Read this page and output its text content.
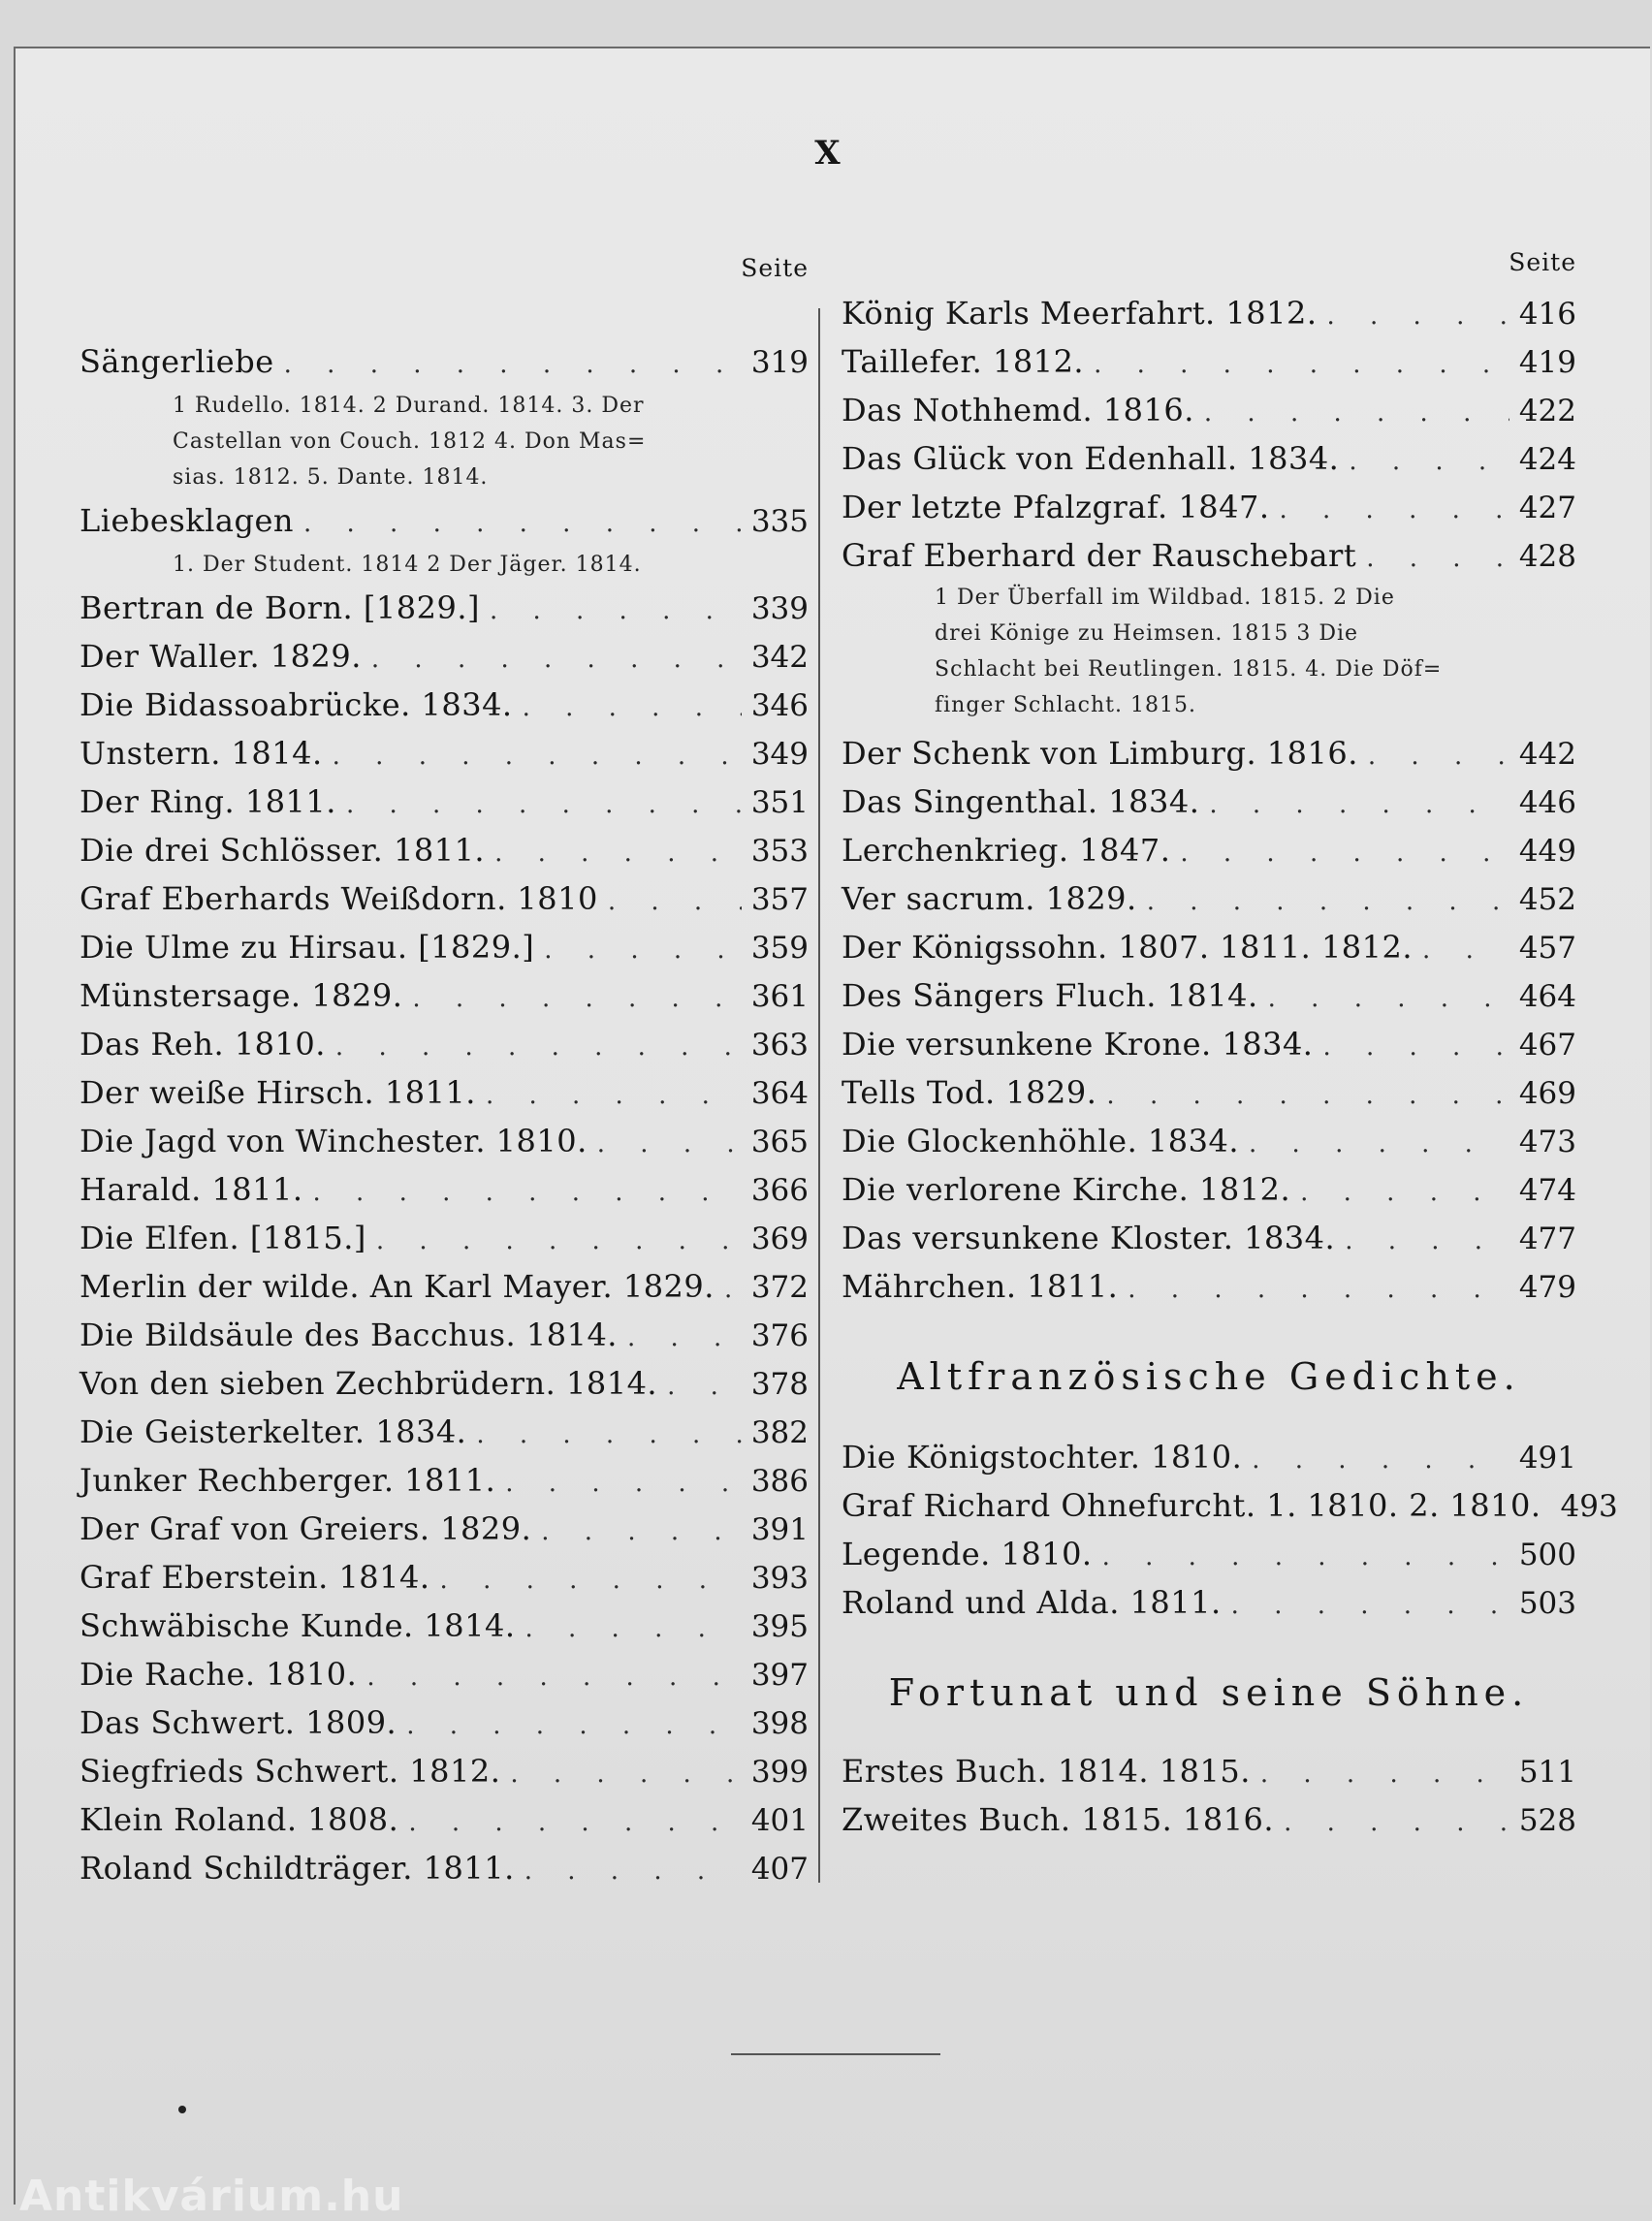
X
Seite
Sängerliebe . . .	319
1 Rudello. 1814. 2 Durand. 1814. 3. Der
Castellan von Couch. 1812 4. Don Mas=
sias. 1812. 5. Dante. 1814.
Liebesklagen . . .	335
1. Der Student. 1814 2 Der Jäger. 1814.
Bertran de Born. [1829.] . . .	339
Der Waller. 1829. . . .	342
Die Bidassoabrücke. 1834. . . .	346
Unstern. 1814. . . .	349
Der Ring. 1811. . . .	351
Die drei Schlösser. 1811. . . .	353
Graf Eberhards Weißdorn. 1810 . . .	357
Die Ulme zu Hirsau. [1829.] . . .	359
Münstersage. 1829. . . .	361
Das Reh. 1810. . . .	363
Der weiße Hirsch. 1811. . . .	364
Die Jagd von Winchester. 1810. . . .	365
Harald. 1811. . . .	366
Die Elfen. [1815.] . . .	369
Merlin der wilde. An Karl Mayer. 1829. . . . 372
Die Bildsäule des Bacchus. 1814. . . .	376
Von den sieben Zechbrüdern. 1814. . . .	378
Die Geisterkelter. 1834. . . .	382
Junker Rechberger. 1811. . . .	386
Der Graf von Greiers. 1829. . . .	391
Graf Eberstein. 1814. . . .	393
Schwäbische Kunde. 1814. . . .	395
Die Rache. 1810. . . .	397
Das Schwert. 1809. . . .	398
Siegfrieds Schwert. 1812. . . .	399
Klein Roland. 1808. . . .	401
Roland Schildträger. 1811. . . .	407
Seite
König Karls Meerfahrt. 1812. . . .	416
Taillefer. 1812. . . .	419
Das Nothhemd. 1816. . . .	422
Das Glück von Edenhall. 1834. . . .	424
Der letzte Pfalzgraf. 1847. . . .	427
Graf Eberhard der Rauschebart . . .	428
1 Der Überfall im Wildbad. 1815. 2 Die
drei Könige zu Heimsen. 1815 3 Die
Schlacht bei Reutlingen. 1815. 4. Die Döf=
finger Schlacht. 1815.
Der Schenk von Limburg. 1816. . . .	442
Das Singenthal. 1834. . . .	446
Lerchenkrieg. 1847. . . .	449
Ver sacrum. 1829. . . .	452
Der Königssohn. 1807. 1811. 1812. . . .	457
Des Sängers Fluch. 1814. . . .	464
Die versunkene Krone. 1834. . . .	467
Tells Tod. 1829. . . .	469
Die Glockenhöhle. 1834. . . .	473
Die verlorene Kirche. 1812. . . .	474
Das versunkene Kloster. 1834. . . .	477
Mährchen. 1811. . . .	479
Altfranzösische Gedichte.
Die Königstochter. 1810. . . .	491
Graf Richard Ohnefurcht. 1. 1810. 2. 1810. 493
Legende. 1810. . . .	500
Roland und Alda. 1811. . . .	503
Fortunat und seine Söhne.
Erstes Buch. 1814. 1815. . . .	511
Zweites Buch. 1815. 1816. . . .	528
Antikvárium.hu
